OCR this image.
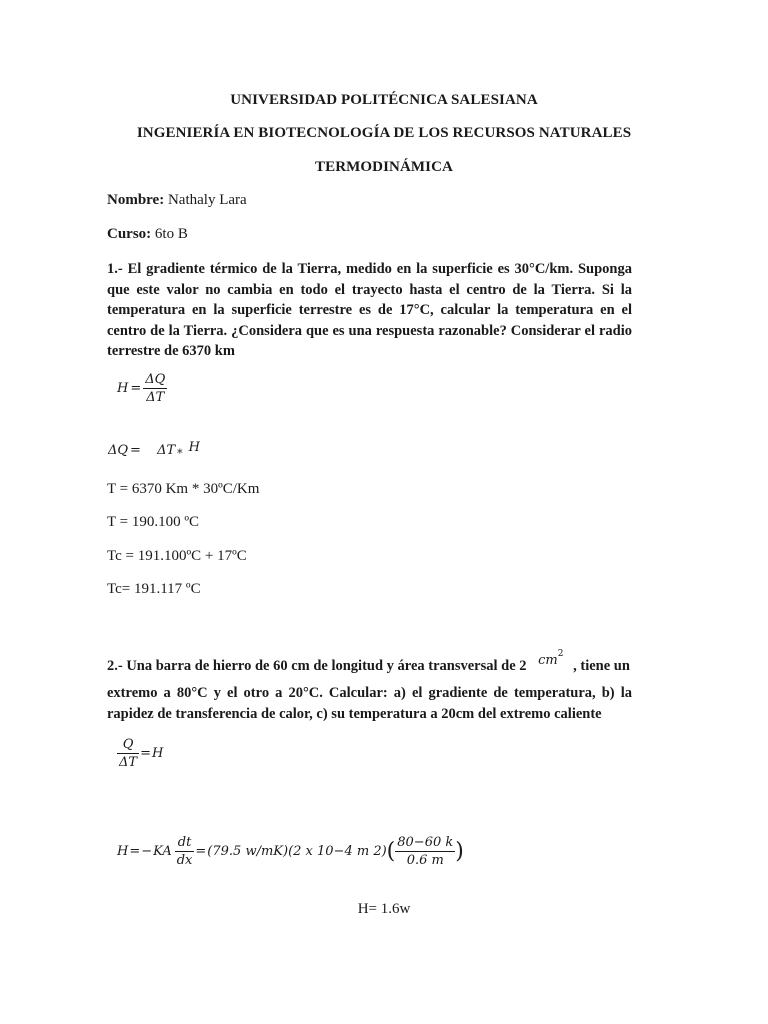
UNIVERSIDAD POLITÉCNICA SALESIANA
INGENIERÍA EN BIOTECNOLOGÍA DE LOS RECURSOS NATURALES
TERMODINÁMICA
Nombre: Nathaly Lara
Curso: 6to B
1.- El gradiente térmico de la Tierra, medido en la superficie es 30°C/km. Suponga que este valor no cambia en todo el trayecto hasta el centro de la Tierra. Si la temperatura en la superficie terrestre es de 17°C, calcular la temperatura en el centro de la Tierra. ¿Considera que es una respuesta razonable? Considerar el radio terrestre de 6370 km
$H = \frac{\Delta Q}{\Delta T}$
ΔQ = ΔT $_*$ H
T = 6370 Km * 30ºC/Km
T = 190.100 ºC
Tc = 191.100ºC + 17ºC
Tc= 191.117 ºC
2.- Una barra de hierro de 60 cm de longitud y área transversal de 2 $cm^2$ , tiene un
extremo a 80°C y el otro a 20°C. Calcular: a) el gradiente de temperatura, b) la rapidez de transferencia de calor, c) su temperatura a 20cm del extremo caliente
$\frac{Q}{\Delta T} = H$
H = − KA $\frac{dt}{dx} = (79.5$ w/mK) (2 x 10−4 m 2) ( $\frac{80-60 k}{0.6 m}$ )
H= 1.6w
